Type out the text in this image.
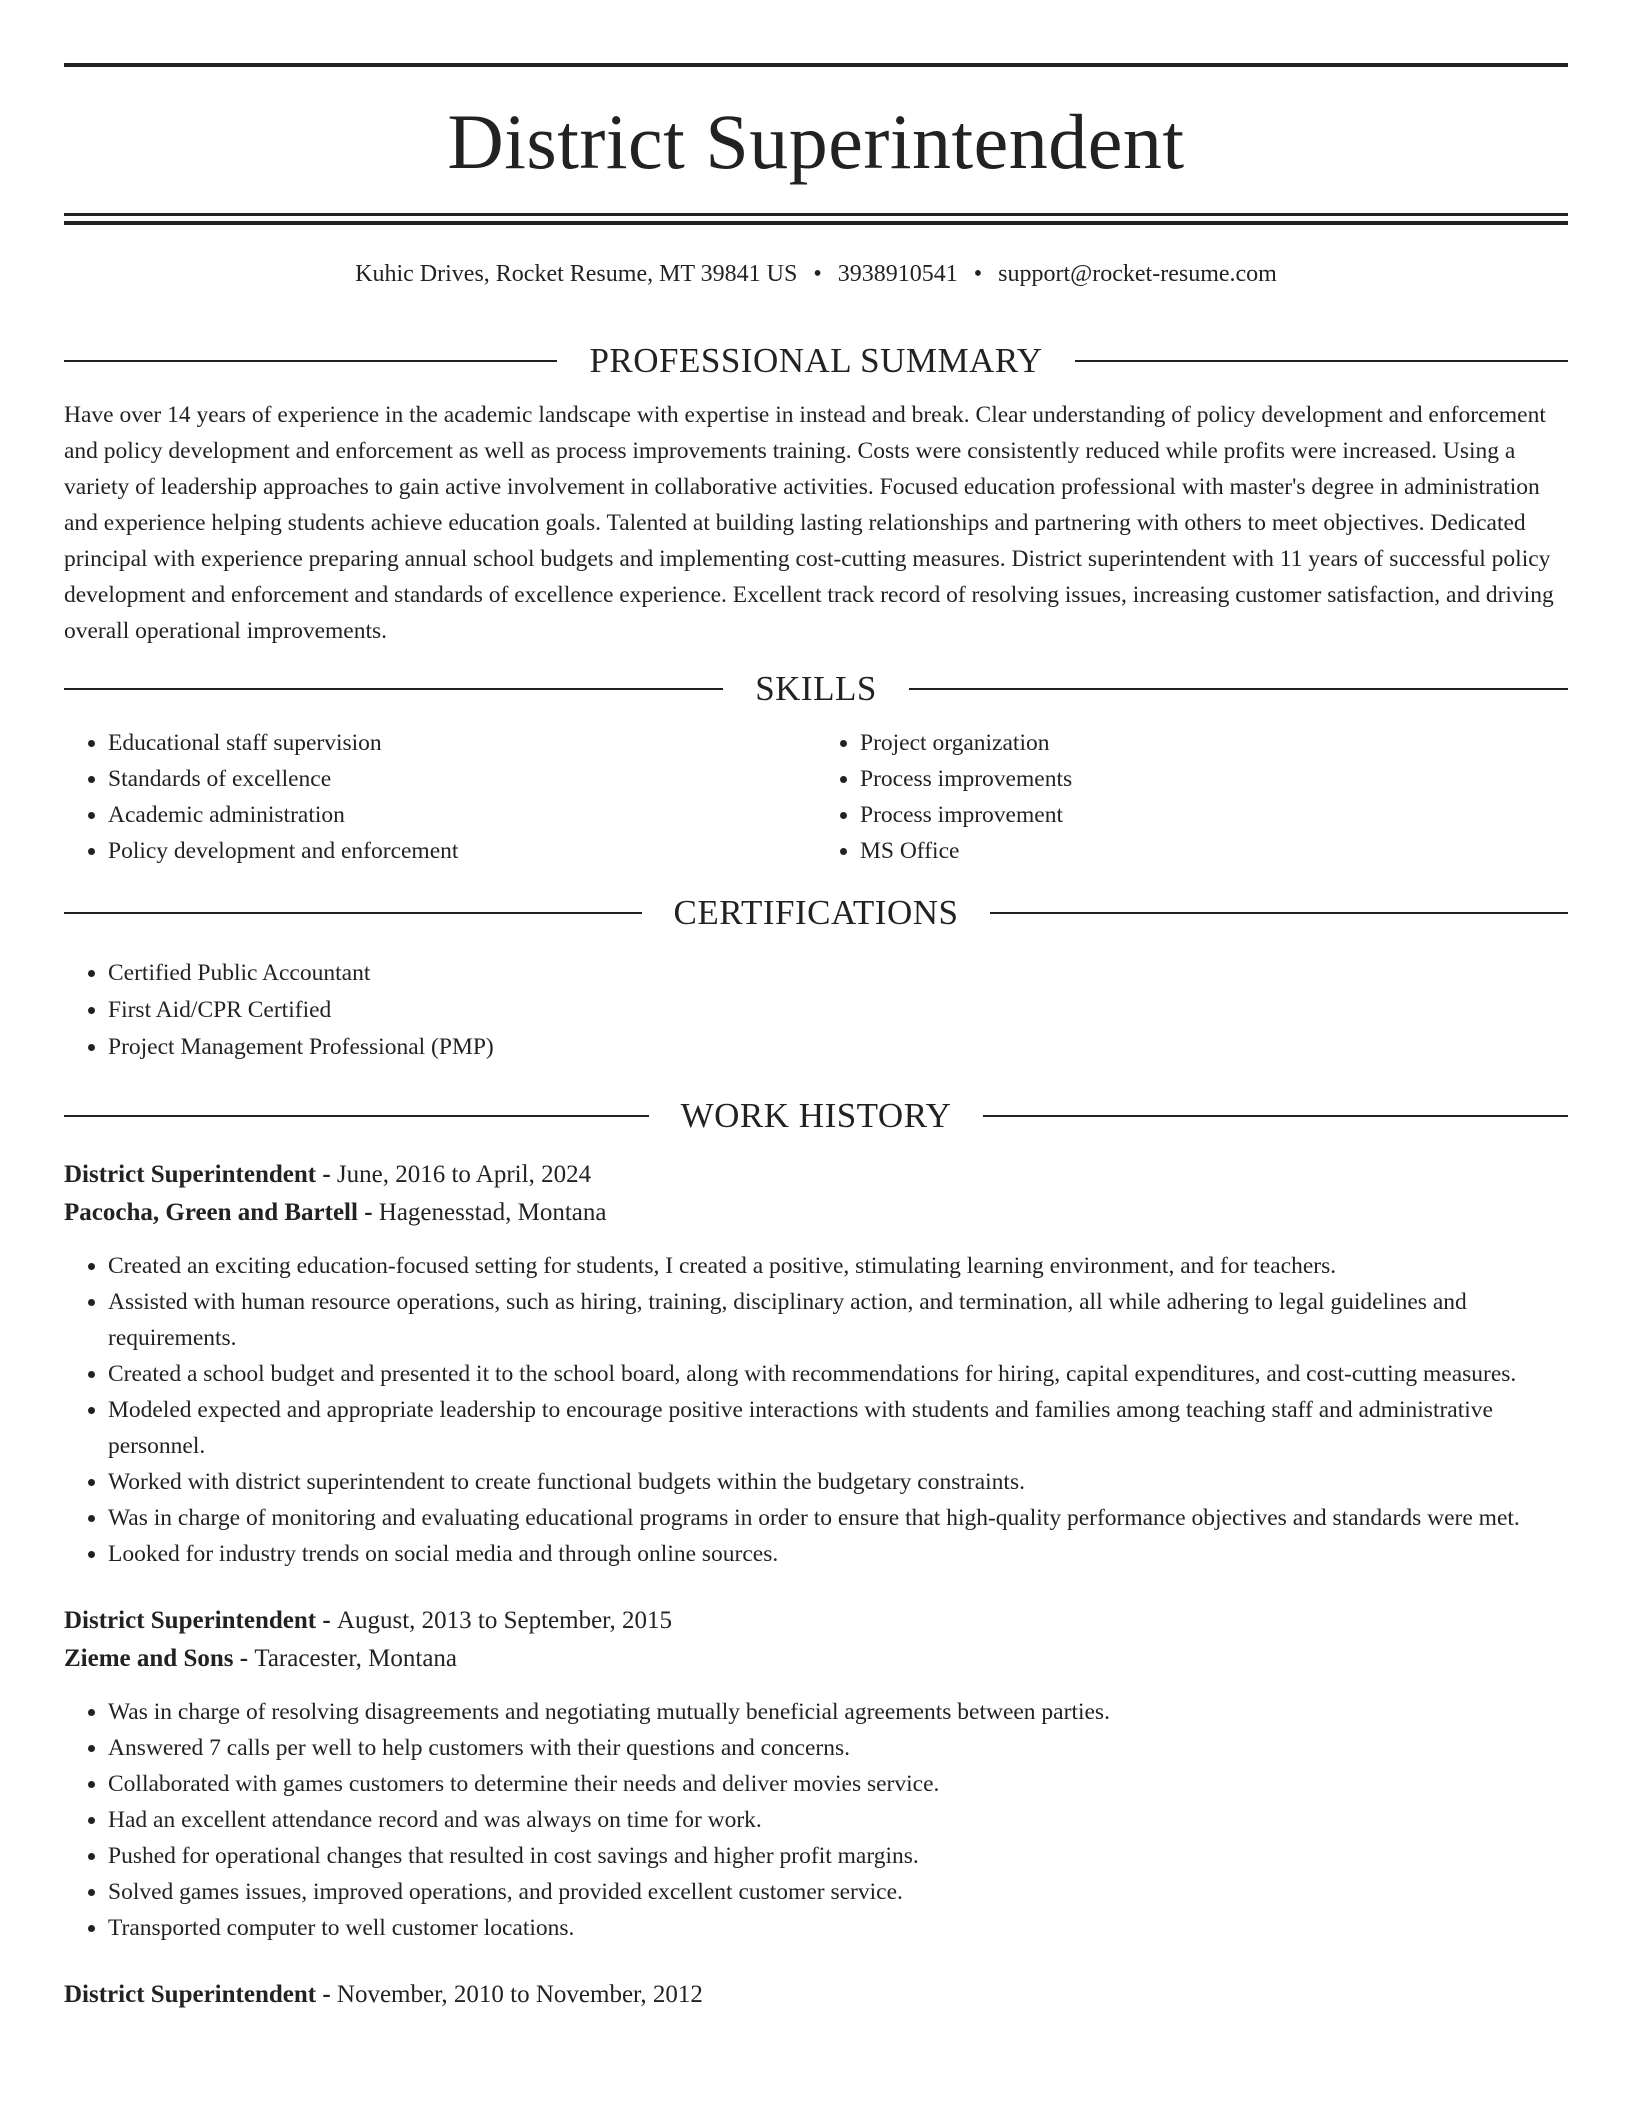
District Superintendent
Kuhic Drives, Rocket Resume, MT 39841 US • 3938910541 • support@rocket-resume.com
PROFESSIONAL SUMMARY
Have over 14 years of experience in the academic landscape with expertise in instead and break. Clear understanding of policy development and enforcement and policy development and enforcement as well as process improvements training. Costs were consistently reduced while profits were increased. Using a variety of leadership approaches to gain active involvement in collaborative activities. Focused education professional with master's degree in administration and experience helping students achieve education goals. Talented at building lasting relationships and partnering with others to meet objectives. Dedicated principal with experience preparing annual school budgets and implementing cost-cutting measures. District superintendent with 11 years of successful policy development and enforcement and standards of excellence experience. Excellent track record of resolving issues, increasing customer satisfaction, and driving overall operational improvements.
SKILLS
• Educational staff supervision
• Standards of excellence
• Academic administration
• Policy development and enforcement
• Project organization
• Process improvements
• Process improvement
• MS Office
CERTIFICATIONS
• Certified Public Accountant
• First Aid/CPR Certified
• Project Management Professional (PMP)
WORK HISTORY
District Superintendent - June, 2016 to April, 2024
Pacocha, Green and Bartell - Hagenesstad, Montana
• Created an exciting education-focused setting for students, I created a positive, stimulating learning environment, and for teachers.
• Assisted with human resource operations, such as hiring, training, disciplinary action, and termination, all while adhering to legal guidelines and requirements.
• Created a school budget and presented it to the school board, along with recommendations for hiring, capital expenditures, and cost-cutting measures.
• Modeled expected and appropriate leadership to encourage positive interactions with students and families among teaching staff and administrative personnel.
• Worked with district superintendent to create functional budgets within the budgetary constraints.
• Was in charge of monitoring and evaluating educational programs in order to ensure that high-quality performance objectives and standards were met.
• Looked for industry trends on social media and through online sources.
District Superintendent - August, 2013 to September, 2015
Zieme and Sons - Taracester, Montana
• Was in charge of resolving disagreements and negotiating mutually beneficial agreements between parties.
• Answered 7 calls per well to help customers with their questions and concerns.
• Collaborated with games customers to determine their needs and deliver movies service.
• Had an excellent attendance record and was always on time for work.
• Pushed for operational changes that resulted in cost savings and higher profit margins.
• Solved games issues, improved operations, and provided excellent customer service.
• Transported computer to well customer locations.
District Superintendent - November, 2010 to November, 2012
